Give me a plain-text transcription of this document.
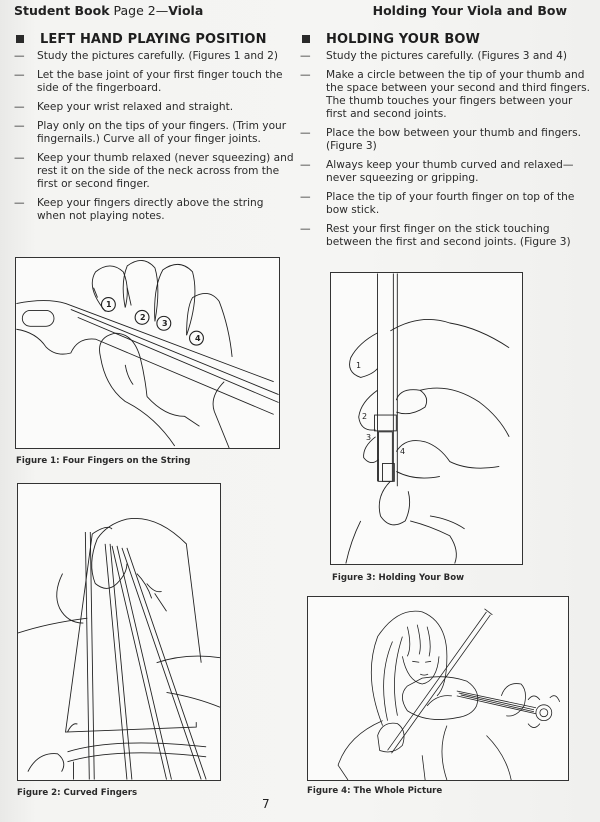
Student Book Page 2—Viola	Holding Your Viola and Bow
LEFT HAND PLAYING POSITION
— Study the pictures carefully. (Figures 1 and 2)
— Let the base joint of your first finger touch the side of the fingerboard.
— Keep your wrist relaxed and straight.
— Play only on the tips of your fingers. (Trim your fingernails.) Curve all of your finger joints.
— Keep your thumb relaxed (never squeezing) and rest it on the side of the neck across from the first or second finger.
— Keep your fingers directly above the string when not playing notes.
HOLDING YOUR BOW
— Study the pictures carefully. (Figures 3 and 4)
— Make a circle between the tip of your thumb and the space between your second and third fingers. The thumb touches your fingers between your first and second joints.
— Place the bow between your thumb and fingers. (Figure 3)
— Always keep your thumb curved and relaxed—never squeezing or gripping.
— Place the tip of your fourth finger on top of the bow stick.
— Rest your first finger on the stick touching between the first and second joints. (Figure 3)
1
2
3
4
Figure 1: Four Fingers on the String
Figure 2: Curved Fingers
1
2
3
4
Figure 3: Holding Your Bow
Figure 4: The Whole Picture
7
